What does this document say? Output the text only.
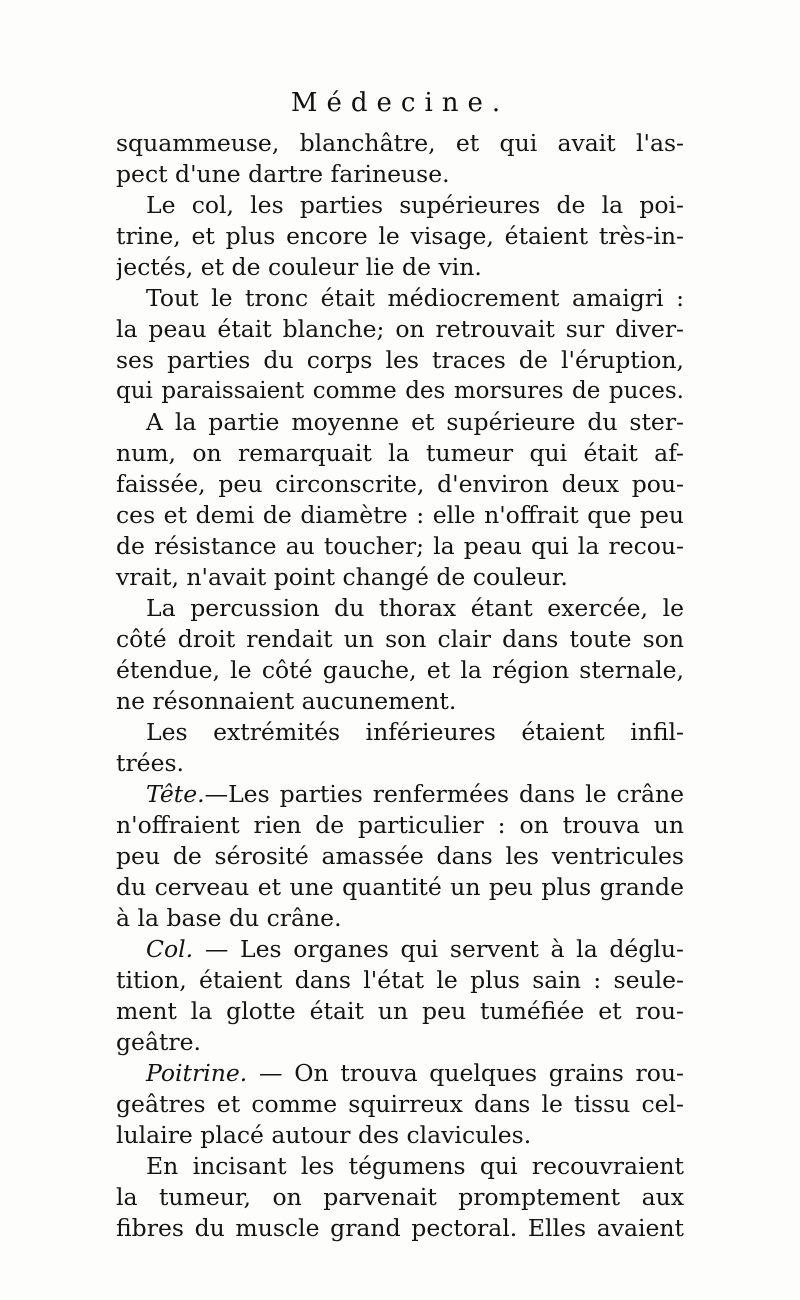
Médecine.
squammeuse, blanchâtre, et qui avait l'as-
pect d'une dartre farineuse.
Le col, les parties supérieures de la poi-
trine, et plus encore le visage, étaient très-in-
jectés, et de couleur lie de vin.
Tout le tronc était médiocrement amaigri :
la peau était blanche; on retrouvait sur diver-
ses parties du corps les traces de l'éruption,
qui paraissaient comme des morsures de puces.
A la partie moyenne et supérieure du ster-
num, on remarquait la tumeur qui était af-
faissée, peu circonscrite, d'environ deux pou-
ces et demi de diamètre : elle n'offrait que peu
de résistance au toucher; la peau qui la recou-
vrait, n'avait point changé de couleur.
La percussion du thorax étant exercée, le
côté droit rendait un son clair dans toute son
étendue, le côté gauche, et la région sternale,
ne résonnaient aucunement.
Les extrémités inférieures étaient infil-
trées.
Tête.—Les parties renfermées dans le crâne
n'offraient rien de particulier : on trouva un
peu de sérosité amassée dans les ventricules
du cerveau et une quantité un peu plus grande
à la base du crâne.
Col. — Les organes qui servent à la déglu-
tition, étaient dans l'état le plus sain : seule-
ment la glotte était un peu tuméfiée et rou-
geâtre.
Poitrine. — On trouva quelques grains rou-
geâtres et comme squirreux dans le tissu cel-
lulaire placé autour des clavicules.
En incisant les tégumens qui recouvraient
la tumeur, on parvenait promptement aux
fibres du muscle grand pectoral. Elles avaient
